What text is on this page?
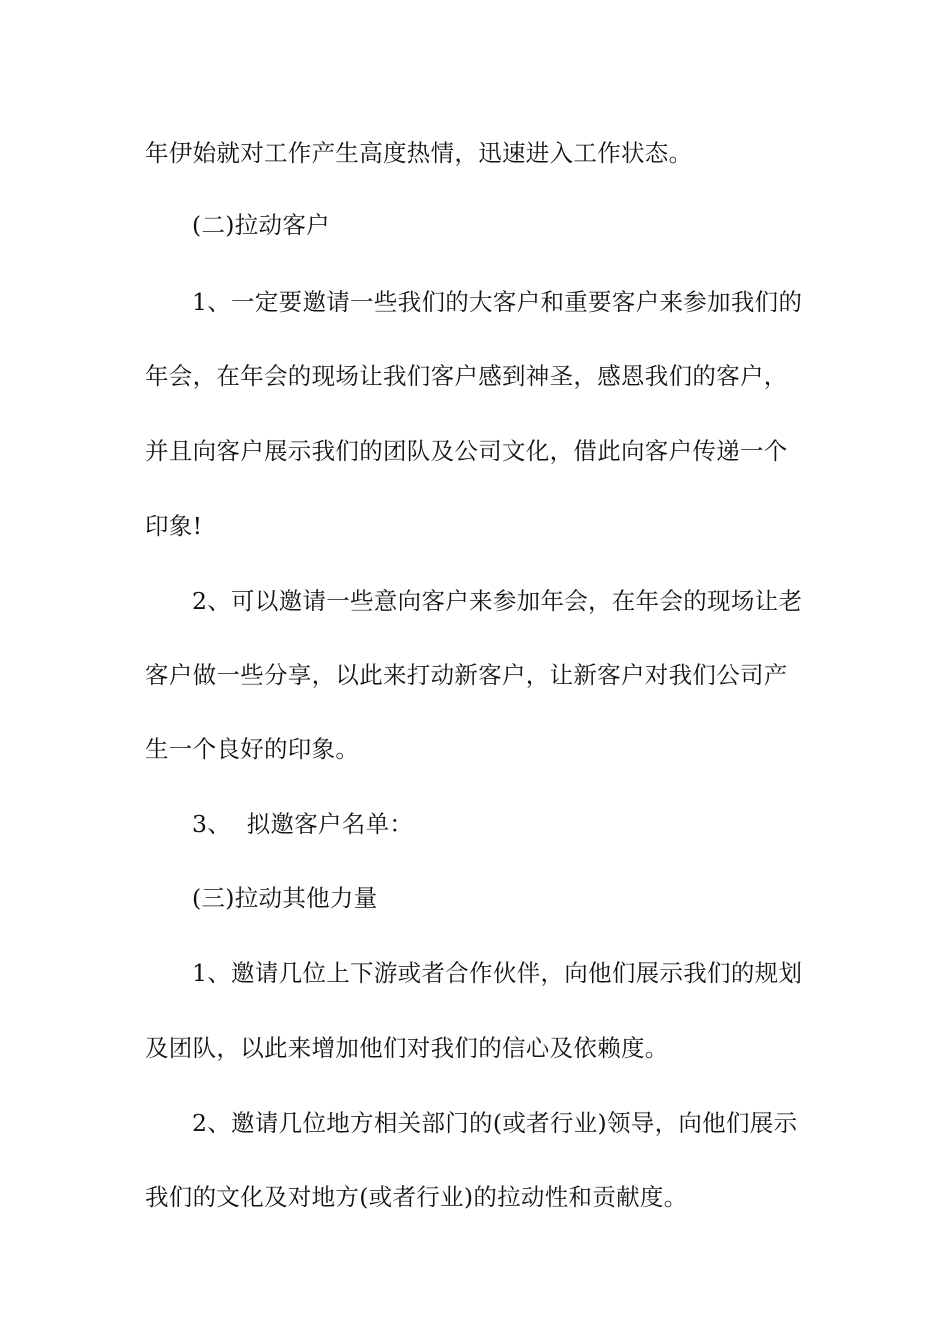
年伊始就对工作产生高度热情，迅速进入工作状态。
(二)拉动客户
1、一定要邀请一些我们的大客户和重要客户来参加我们的
年会，在年会的现场让我们客户感到神圣，感恩我们的客户，
并且向客户展示我们的团队及公司文化，借此向客户传递一个
印象!
2、可以邀请一些意向客户来参加年会，在年会的现场让老
客户做一些分享，以此来打动新客户，让新客户对我们公司产
生一个良好的印象。
3、  拟邀客户名单：
(三)拉动其他力量
1、邀请几位上下游或者合作伙伴，向他们展示我们的规划
及团队，以此来增加他们对我们的信心及依赖度。
2、邀请几位地方相关部门的(或者行业)领导，向他们展示
我们的文化及对地方(或者行业)的拉动性和贡献度。
